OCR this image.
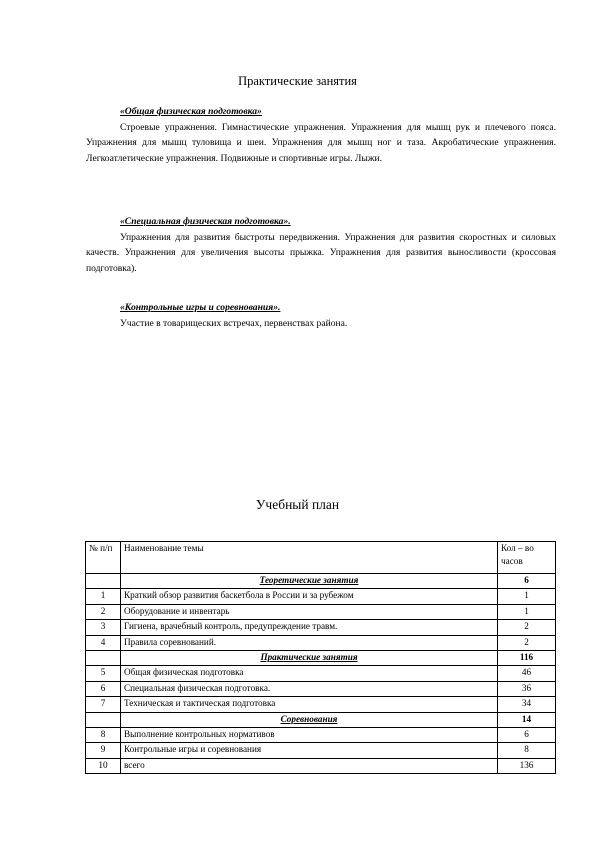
Практические занятия
«Общая физическая подготовка»
Строевые упражнения. Гимнастические упражнения. Упражнения для мышц рук и плечевого пояса. Упражнения для мышц туловища и шеи. Упражнения для мышц ног и таза. Акробатические упражнения. Легкоатлетические упражнения. Подвижные и спортивные игры. Лыжи.
«Специальная физическая подготовка».
Упражнения для развития быстроты передвижения. Упражнения для развития скоростных и силовых качеств. Упражнения для увеличения высоты прыжка. Упражнения для развития выносливости (кроссовая подготовка).
«Контрольные игры и соревнования».
Участие в товарищеских встречах, первенствах района.
Учебный план
№ п/п	Наименование темы	Кол – во часов
	Теоретические занятия	6
1	Краткий обзор развития баскетбола в России и за рубежом	1
2	Оборудование и инвентарь	1
3	Гигиена, врачебный контроль, предупреждение травм.	2
4	Правила соревнований.	2
	Практические занятия	116
5	Общая физическая подготовка	46
6	Специальная физическая подготовка.	36
7	Техническая и тактическая подготовка	34
	Соревнования	14
8	Выполнение контрольных нормативов	6
9	Контрольные игры и соревнования	8
10	всего	136
